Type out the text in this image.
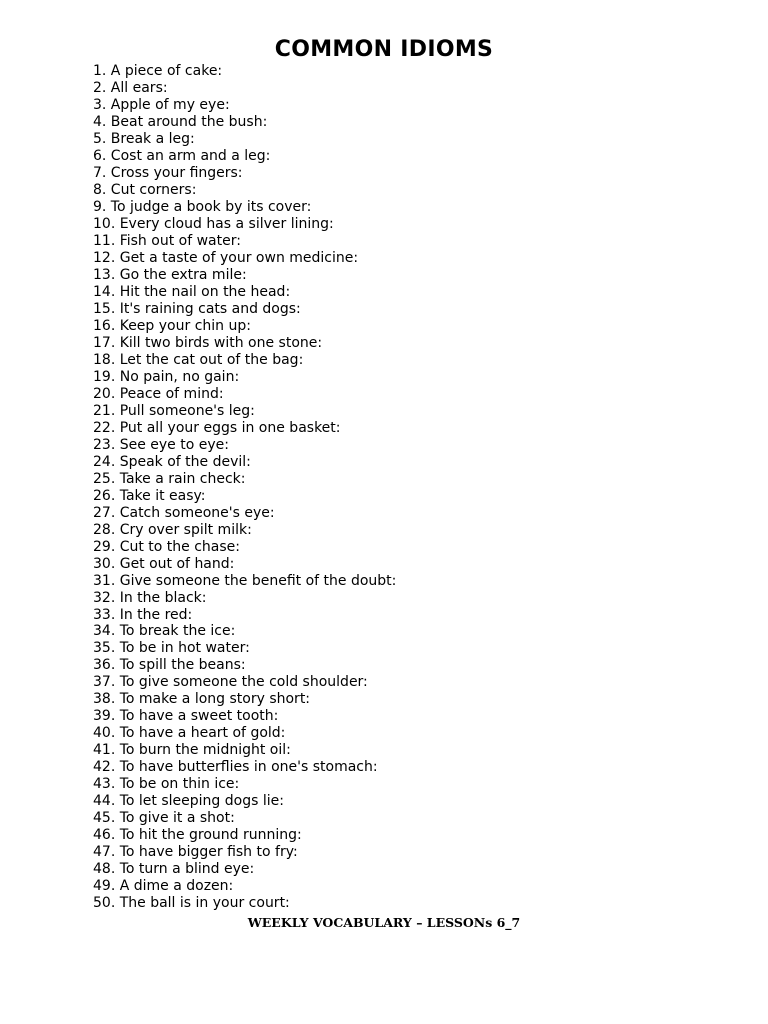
COMMON IDIOMS
1. A piece of cake:
2. All ears:
3. Apple of my eye:
4. Beat around the bush:
5. Break a leg:
6. Cost an arm and a leg:
7. Cross your fingers:
8. Cut corners:
9. To judge a book by its cover:
10. Every cloud has a silver lining:
11. Fish out of water:
12. Get a taste of your own medicine:
13. Go the extra mile:
14. Hit the nail on the head:
15. It's raining cats and dogs:
16. Keep your chin up:
17. Kill two birds with one stone:
18. Let the cat out of the bag:
19. No pain, no gain:
20. Peace of mind:
21. Pull someone's leg:
22. Put all your eggs in one basket:
23. See eye to eye:
24. Speak of the devil:
25. Take a rain check:
26. Take it easy:
27. Catch someone's eye:
28. Cry over spilt milk:
29. Cut to the chase:
30. Get out of hand:
31. Give someone the benefit of the doubt:
32. In the black:
33. In the red:
34. To break the ice:
35. To be in hot water:
36. To spill the beans:
37. To give someone the cold shoulder:
38. To make a long story short:
39. To have a sweet tooth:
40. To have a heart of gold:
41. To burn the midnight oil:
42. To have butterflies in one's stomach:
43. To be on thin ice:
44. To let sleeping dogs lie:
45. To give it a shot:
46. To hit the ground running:
47. To have bigger fish to fry:
48. To turn a blind eye:
49. A dime a dozen:
50. The ball is in your court:
WEEKLY VOCABULARY – LESSONs 6_7
